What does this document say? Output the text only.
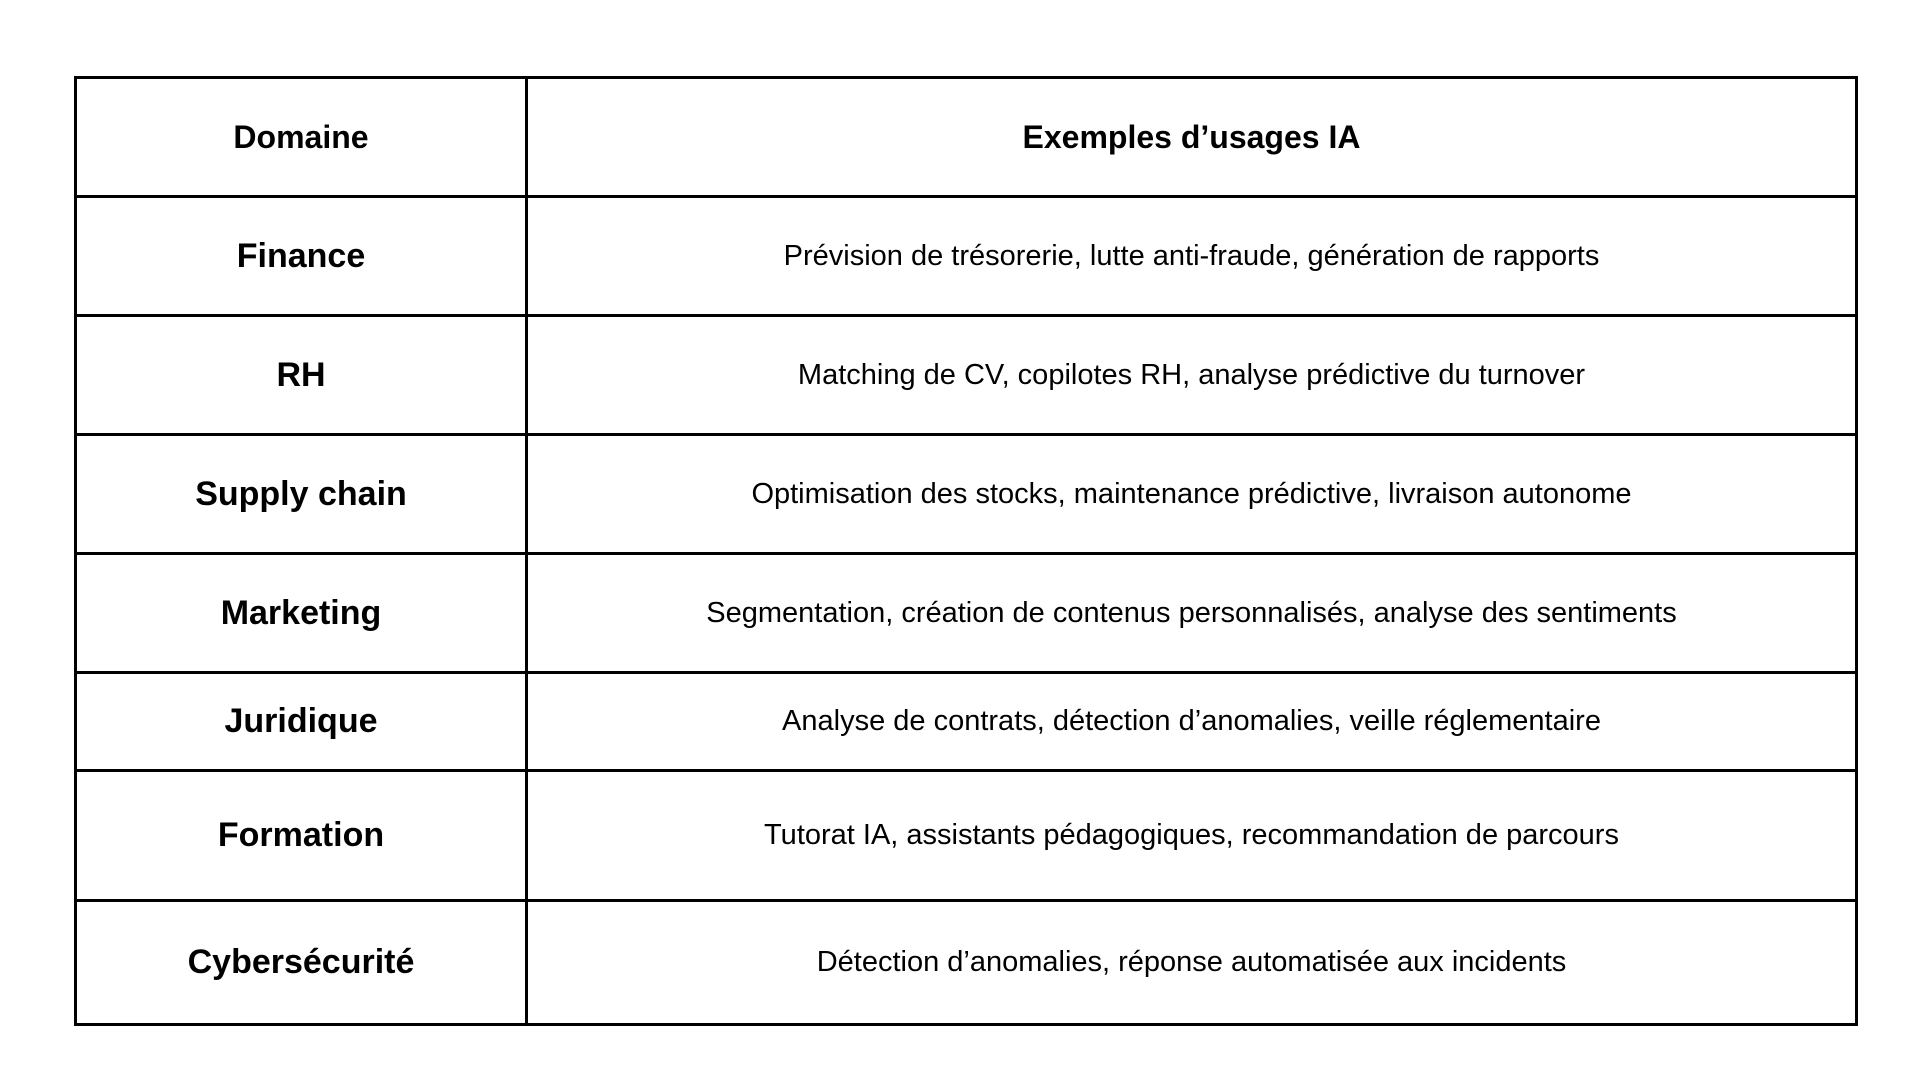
Domaine	Exemples d’usages IA
Finance	Prévision de trésorerie, lutte anti-fraude, génération de rapports
RH	Matching de CV, copilotes RH, analyse prédictive du turnover
Supply chain	Optimisation des stocks, maintenance prédictive, livraison autonome
Marketing	Segmentation, création de contenus personnalisés, analyse des sentiments
Juridique	Analyse de contrats, détection d’anomalies, veille réglementaire
Formation	Tutorat IA, assistants pédagogiques, recommandation de parcours
Cybersécurité	Détection d’anomalies, réponse automatisée aux incidents
